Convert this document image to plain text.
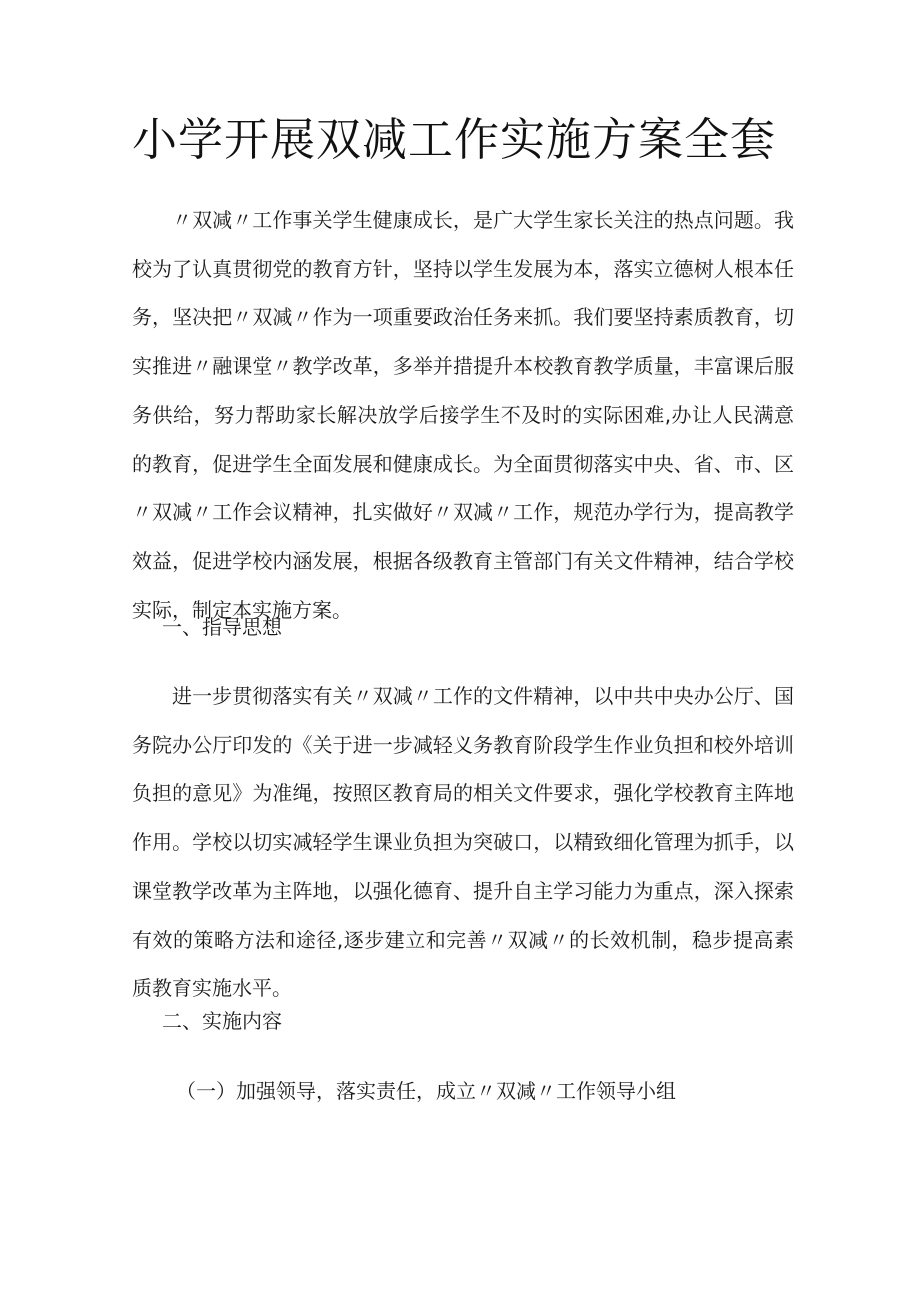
小学开展双减工作实施方案全套

〃双减〃工作事关学生健康成长，是广大学生家长关注的热点问题。我校为了认真贯彻党的教育方针，坚持以学生发展为本，落实立德树人根本任务，坚决把〃双减〃作为一项重要政治任务来抓。我们要坚持素质教育，切实推进〃融课堂〃教学改革，多举并措提升本校教育教学质量，丰富课后服务供给，努力帮助家长解决放学后接学生不及时的实际困难,办让人民满意的教育，促进学生全面发展和健康成长。为全面贯彻落实中央、省、市、区〃双减〃工作会议精神，扎实做好〃双减〃工作，规范办学行为，提高教学效益，促进学校内涵发展，根据各级教育主管部门有关文件精神，结合学校实际，制定本实施方案。

一、指导思想

进一步贯彻落实有关〃双减〃工作的文件精神，以中共中央办公厅、国务院办公厅印发的《关于进一步减轻义务教育阶段学生作业负担和校外培训负担的意见》为准绳，按照区教育局的相关文件要求，强化学校教育主阵地作用。学校以切实减轻学生课业负担为突破口，以精致细化管理为抓手，以课堂教学改革为主阵地，以强化德育、提升自主学习能力为重点，深入探索有效的策略方法和途径,逐步建立和完善〃双减〃的长效机制，稳步提高素质教育实施水平。

二、实施内容
（一）加强领导，落实责任，成立〃双减〃工作领导小组
